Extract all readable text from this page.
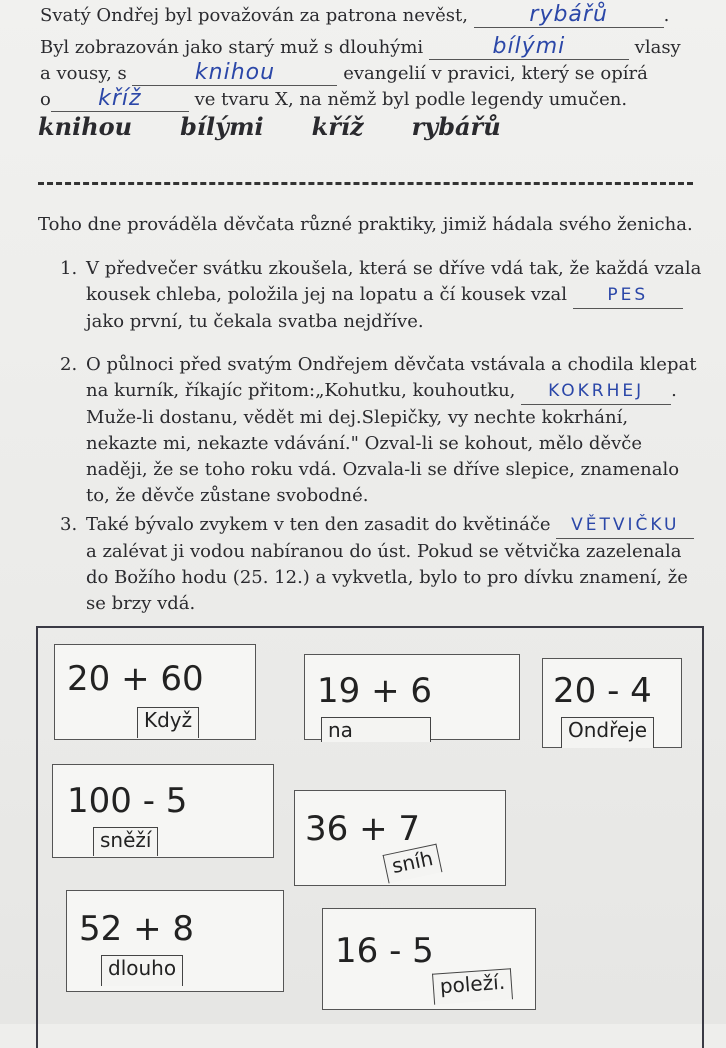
Svatý Ondřej byl považován za patrona nevěst,	rybářů	.
Byl zobrazován jako starý muž s dlouhými	bílými	vlasy
a vousy, s	knihou	evangelií v pravici, který se opírá
o kříž	ve tvaru X, na němž byl podle legendy umučen.
knihou bílými kříž rybářů
Toho dne prováděla děvčata různé praktiky, jimiž hádala svého ženicha.
1. V předvečer svátku zkoušela, která se dříve vdá tak, že každá vzala
kousek chleba, položila jej na lopatu a čí kousek vzal PES
jako první, tu čekala svatba nejdříve.
2. O půlnoci před svatým Ondřejem děvčata vstávala a chodila klepat
na kurník, říkajíc přitom:„Kohutku, kouhoutku, KOKRHEJ .
Muže-li dostanu, vědět mi dej.Slepičky, vy nechte kokrhání,
nekazte mi, nekazte vdávání." Ozval-li se kohout, mělo děvče
naději, že se toho roku vdá. Ozvala-li se dříve slepice, znamenalo
to, že děvče zůstane svobodné.
3. Také bývalo zvykem v ten den zasadit do květináče VĚTVIČKU
a zalévat ji vodou nabíranou do úst. Pokud se větvička zazelenala
do Božího hodu (25. 12.) a vykvetla, bylo to pro dívku znamení, že
se brzy vdá.
20 + 60
Když
19 + 6
na
20 - 4
Ondřeje
100 - 5
sněží	36 + 7
sníh
52 + 8
dlouho	16 - 5
poleží.
